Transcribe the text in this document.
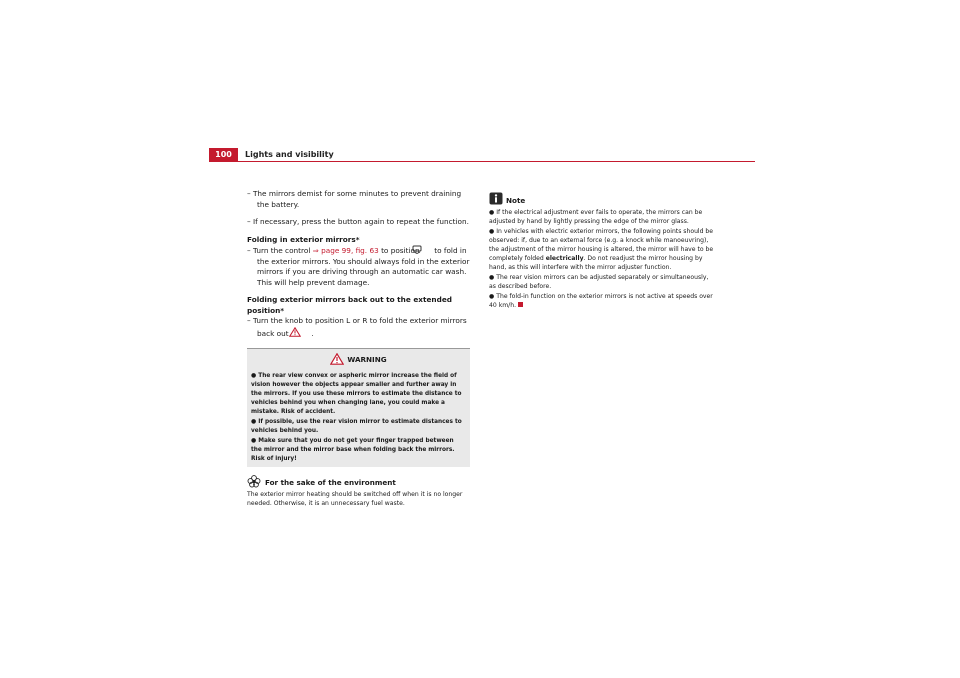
100	Lights and visibility

– The mirrors demist for some minutes to prevent draining the battery.

– If necessary, press the button again to repeat the function.

Folding in exterior mirrors*

– Turn the control ⇒ page 99, fig. 63 to position  to fold in the exterior mirrors. You should always fold in the exterior mirrors if you are driving through an automatic car wash. This will help prevent damage.

Folding exterior mirrors back out to the extended position*

– Turn the knob to position L or R to fold the exterior mirrors back out	.

WARNING

● The rear view convex or aspheric mirror increase the field of vision however the objects appear smaller and further away in the mirrors. If you use these mirrors to estimate the distance to vehicles behind you when changing lane, you could make a mistake. Risk of accident.

● If possible, use the rear vision mirror to estimate distances to vehicles behind you.

● Make sure that you do not get your finger trapped between the mirror and the mirror base when folding back the mirrors. Risk of injury!

For the sake of the environment

The exterior mirror heating should be switched off when it is no longer needed. Otherwise, it is an unnecessary fuel waste.

Note

● If the electrical adjustment ever fails to operate, the mirrors can be adjusted by hand by lightly pressing the edge of the mirror glass.

● In vehicles with electric exterior mirrors, the following points should be observed: if, due to an external force (e.g. a knock while manoeuvring), the adjustment of the mirror housing is altered, the mirror will have to be completely folded electrically. Do not readjust the mirror housing by hand, as this will interfere with the mirror adjuster function.

● The rear vision mirrors can be adjusted separately or simultaneously, as described before.

● The fold-in function on the exterior mirrors is not active at speeds over 40 km/h.
